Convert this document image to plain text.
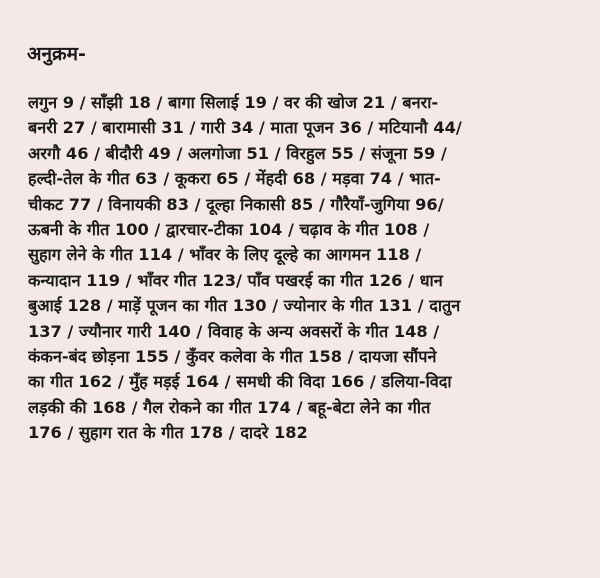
अनुक्रम-
लगुन 9 / साँझी 18 / बागा सिलाई 19 / वर की खोज 21 / बनरा-
बनरी 27 / बारामासी 31 / गारी 34 / माता पूजन 36 / मटियानौ 44/
अरगौ 46 / बीदौरी 49 / अलगोजा 51 / विरहुल 55 / संजूना 59 /
हल्दी-तेल के गीत 63 / कूकरा 65 / मेंहदी 68 / मड़वा 74 / भात-
चीकट 77 / विनायकी 83 / दूल्हा निकासी 85 / गौरैयाँ-जुगिया 96/
ऊबनी के गीत 100 / द्वारचार-टीका 104 / चढ़ाव के गीत 108 /
सुहाग लेने के गीत 114 / भाँवर के लिए दूल्हे का आगमन 118 /
कन्यादान 119 / भाँवर गीत 123/ पाँव पखरई का गीत 126 / धान
बुआई 128 / माड़ें पूजन का गीत 130 / ज्योनार के गीत 131 / दातुन
137 / ज्यौनार गारी 140 / विवाह के अन्य अवसरों के गीत 148 /
कंकन-बंद छोड़ना 155 / कुँवर कलेवा के गीत 158 / दायजा सौंपने
का गीत 162 / मुँह मड़ई 164 / समधी की विदा 166 / डलिया-विदा
लड़की की 168 / गैल रोकने का गीत 174 / बहू-बेटा लेने का गीत
176 / सुहाग रात के गीत 178 / दादरे 182
